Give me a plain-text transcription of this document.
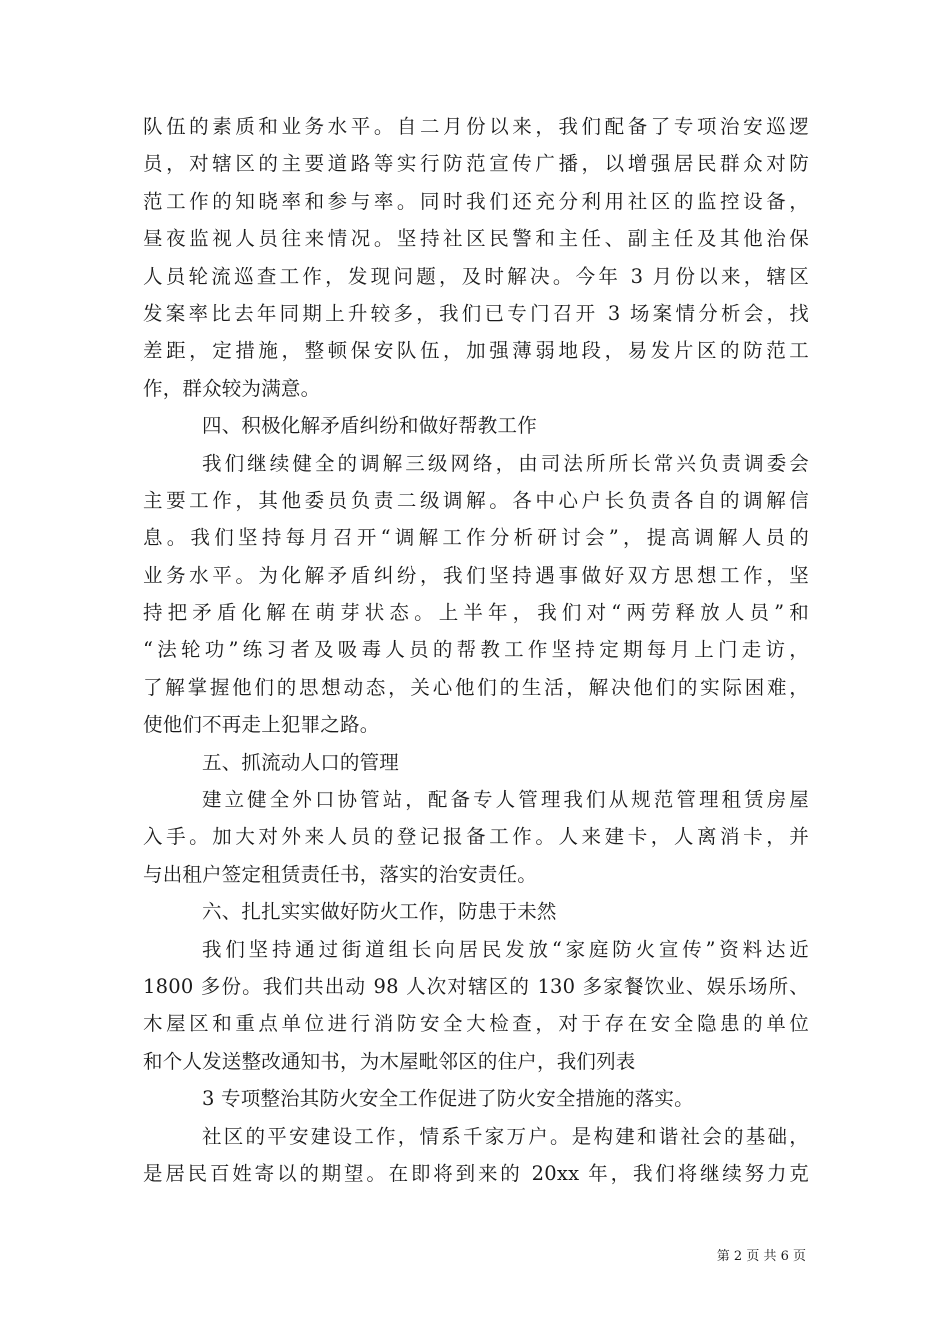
队伍的素质和业务水平。自二月份以来，我们配备了专项治安巡逻
员，对辖区的主要道路等实行防范宣传广播，以增强居民群众对防
范工作的知晓率和参与率。同时我们还充分利用社区的监控设备，
昼夜监视人员往来情况。坚持社区民警和主任、副主任及其他治保
人员轮流巡查工作，发现问题，及时解决。今年 3 月份以来，辖区
发案率比去年同期上升较多，我们已专门召开 3 场案情分析会，找
差距，定措施，整顿保安队伍，加强薄弱地段，易发片区的防范工
作，群众较为满意。
四、积极化解矛盾纠纷和做好帮教工作
我们继续健全的调解三级网络，由司法所所长常兴负责调委会
主要工作，其他委员负责二级调解。各中心户长负责各自的调解信
息。我们坚持每月召开“调解工作分析研讨会”，提高调解人员的
业务水平。为化解矛盾纠纷，我们坚持遇事做好双方思想工作，坚
持把矛盾化解在萌芽状态。上半年，我们对“两劳释放人员”和
“法轮功”练习者及吸毒人员的帮教工作坚持定期每月上门走访，
了解掌握他们的思想动态，关心他们的生活，解决他们的实际困难，
使他们不再走上犯罪之路。
五、抓流动人口的管理
建立健全外口协管站，配备专人管理我们从规范管理租赁房屋
入手。加大对外来人员的登记报备工作。人来建卡，人离消卡，并
与出租户签定租赁责任书，落实的治安责任。
六、扎扎实实做好防火工作，防患于未然
我们坚持通过街道组长向居民发放“家庭防火宣传”资料达近
1800 多份。我们共出动 98 人次对辖区的 130 多家餐饮业、娱乐场所、
木屋区和重点单位进行消防安全大检查，对于存在安全隐患的单位
和个人发送整改通知书，为木屋毗邻区的住户，我们列表
3 专项整治其防火安全工作促进了防火安全措施的落实。
社区的平安建设工作，情系千家万户。是构建和谐社会的基础，
是居民百姓寄以的期望。在即将到来的 20xx 年，我们将继续努力克
第 2 页 共 6 页
